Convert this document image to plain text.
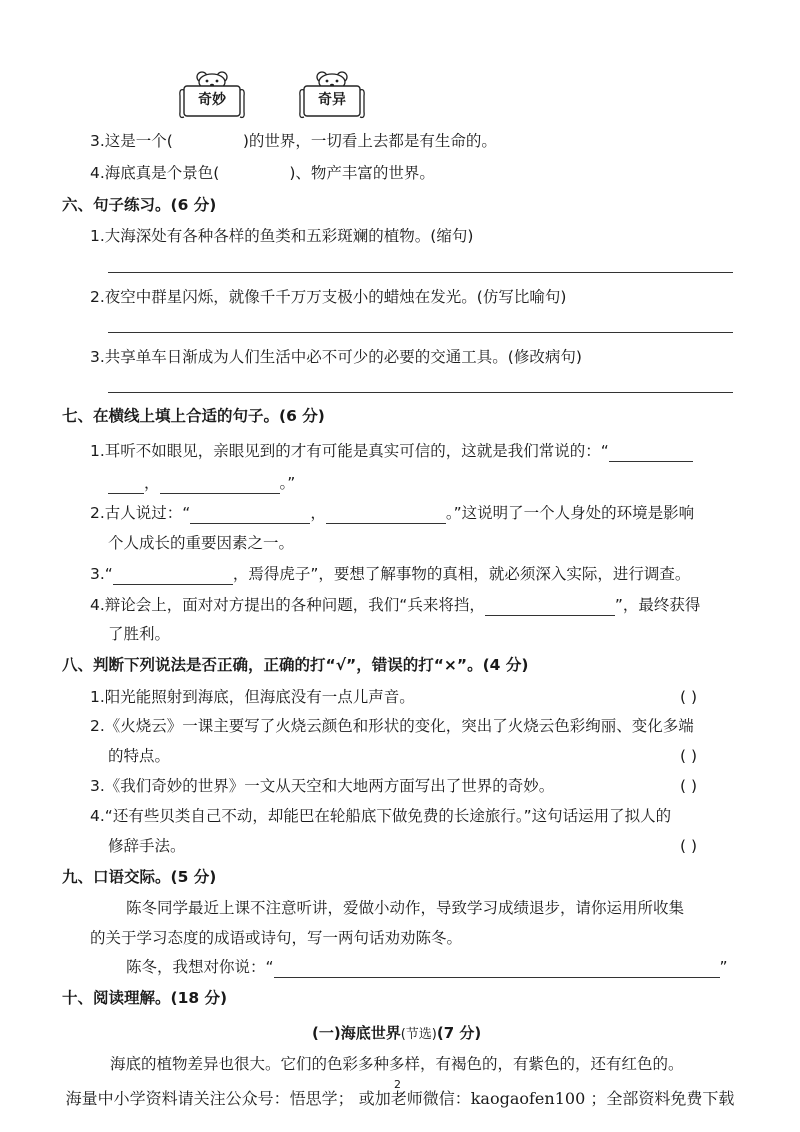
奇妙	奇异
3.这是一个(	)的世界，一切看上去都是有生命的。
4.海底真是个景色(	)、物产丰富的世界。
六、句子练习。(6 分)
1.大海深处有各种各样的鱼类和五彩斑斓的植物。(缩句)
2.夜空中群星闪烁，就像千千万万支极小的蜡烛在发光。(仿写比喻句)
3.共享单车日渐成为人们生活中必不可少的必要的交通工具。(修改病句)
七、在横线上填上合适的句子。(6 分)
1.耳听不如眼见，亲眼见到的才有可能是真实可信的，这就是我们常说的：“
，	。”
2.古人说过：“	，	。”这说明了一个人身处的环境是影响
个人成长的重要因素之一。
3.“	，焉得虎子”，要想了解事物的真相，就必须深入实际，进行调查。
4.辩论会上，面对对方提出的各种问题，我们“兵来将挡，	”，最终获得
了胜利。
八、判断下列说法是否正确，正确的打“√”，错误的打“×”。(4 分)
1.阳光能照射到海底，但海底没有一点儿声音。	( )
2.《火烧云》一课主要写了火烧云颜色和形状的变化，突出了火烧云色彩绚丽、变化多端
的特点。	( )
3.《我们奇妙的世界》一文从天空和大地两方面写出了世界的奇妙。	( )
4.“还有些贝类自己不动，却能巴在轮船底下做免费的长途旅行。”这句话运用了拟人的
修辞手法。	( )
九、口语交际。(5 分)
陈冬同学最近上课不注意听讲，爱做小动作，导致学习成绩退步，请你运用所收集
的关于学习态度的成语或诗句，写一两句话劝劝陈冬。
陈冬，我想对你说：“	”
十、阅读理解。(18 分)
(一)海底世界(节选)(7 分)
海底的植物差异也很大。它们的色彩多种多样，有褐色的，有紫色的，还有红色的。
海量中小学资料请关注公众号：悟思学； 或加老师微信：kaogaofen100 ；全部资料免费下载
2
